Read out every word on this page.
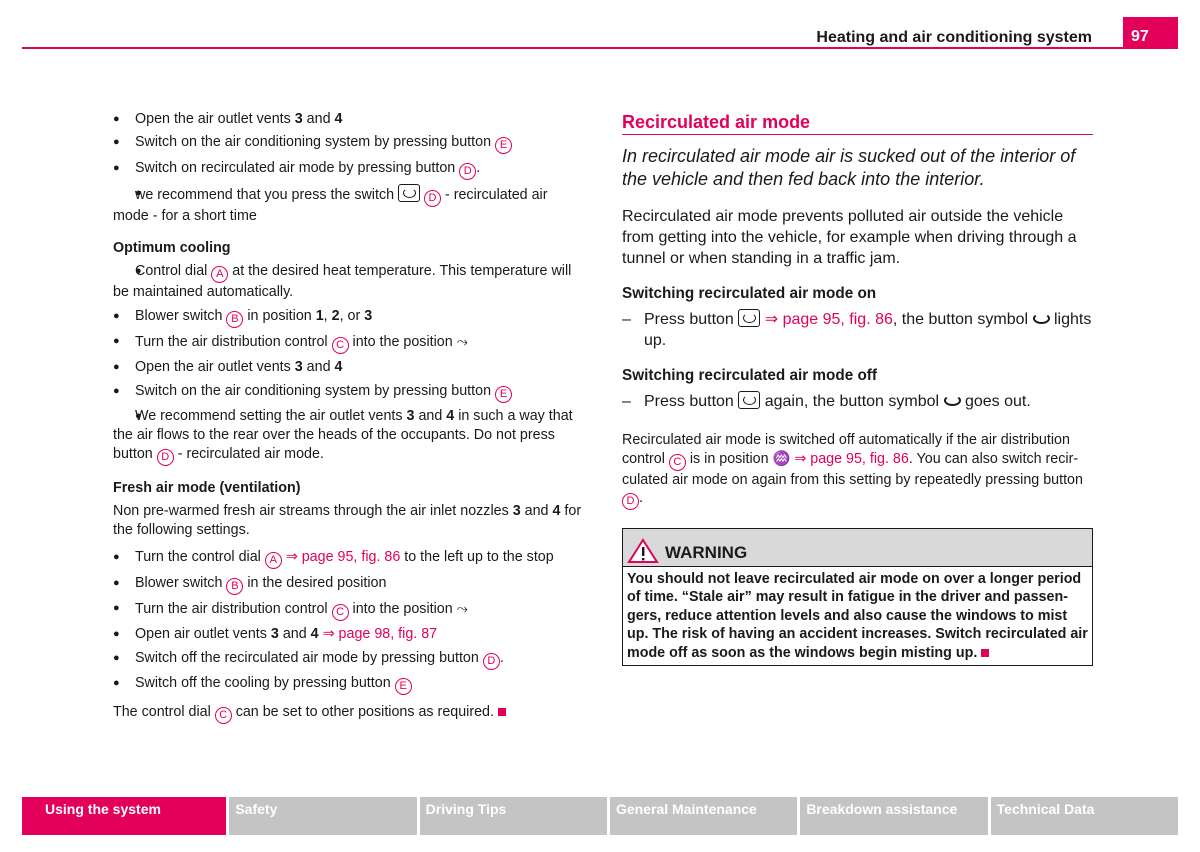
Heating and air conditioning system	97
● Open the air outlet vents 3 and 4
● Switch on the air conditioning system by pressing button E
● Switch on recirculated air mode by pressing button D .
● we recommend that you press the switch	D - recirculated air mode - for a short time
Optimum cooling
● Control dial A at the desired heat temperature. This temperature will be maintained automatically.
● Blower switch B in position 1, 2, or 3
● Turn the air distribution control C into the position ⤳
● Open the air outlet vents 3 and 4
● Switch on the air conditioning system by pressing button E
● We recommend setting the air outlet vents 3 and 4 in such a way that the air flows to the rear over the heads of the occupants. Do not press button D - recirculated air mode.
Fresh air mode (ventilation)
Non pre-warmed fresh air streams through the air inlet nozzles 3 and 4 for the following settings.
● Turn the control dial A ⇒ page 95, fig. 86 to the left up to the stop
● Blower switch B in the desired position
● Turn the air distribution control C into the position ⤳
● Open air outlet vents 3 and 4 ⇒ page 98, fig. 87
● Switch off the recirculated air mode by pressing button D .
● Switch off the cooling by pressing button E
The control dial C can be set to other positions as required.
Recirculated air mode
In recirculated air mode air is sucked out of the interior of the vehicle and then fed back into the interior.
Recirculated air mode prevents polluted air outside the vehicle from getting into the vehicle, for example when driving through a tunnel or when standing in a traffic jam.
Switching recirculated air mode on
– Press button  ⇒ page 95, fig. 86, the button symbol  lights up.
Switching recirculated air mode off
– Press button  again, the button symbol  goes out.
Recirculated air mode is switched off automatically if the air distribution control C is in position ♒ ⇒ page 95, fig. 86. You can also switch recirculated air mode on again from this setting by repeatedly pressing button D .
WARNING
You should not leave recirculated air mode on over a longer period of time. “Stale air” may result in fatigue in the driver and passengers, reduce attention levels and also cause the windows to mist up. The risk of having an accident increases. Switch recirculated air mode off as soon as the windows begin misting up.
Using the system	Safety	Driving Tips	General Maintenance	Breakdown assistance	Technical Data
